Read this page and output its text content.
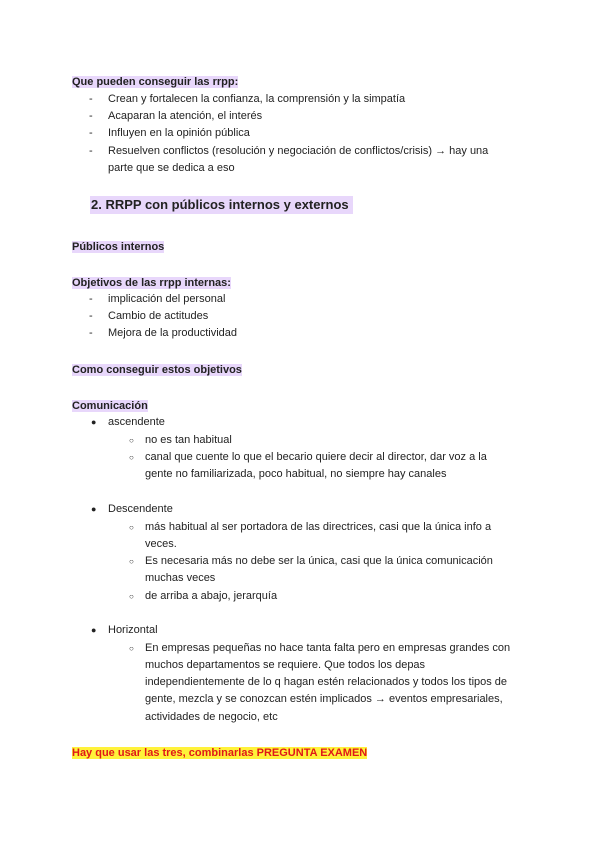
Que pueden conseguir las rrpp:
- Crean y fortalecen la confianza, la comprensión y la simpatía
- Acaparan la atención, el interés
- Influyen en la opinión pública
- Resuelven conflictos (resolución y negociación de conflictos/crisis) → hay una
parte que se dedica a eso
2. RRPP con públicos internos y externos
Públicos internos
Objetivos de las rrpp internas:
- implicación del personal
- Cambio de actitudes
- Mejora de la productividad
Como conseguir estos objetivos
Comunicación
● ascendente
○ no es tan habitual
○ canal que cuente lo que el becario quiere decir al director, dar voz a la
gente no familiarizada, poco habitual, no siempre hay canales
● Descendente
○ más habitual al ser portadora de las directrices, casi que la única info a
veces.
○ Es necesaria más no debe ser la única, casi que la única comunicación
muchas veces
○ de arriba a abajo, jerarquía
● Horizontal
○ En empresas pequeñas no hace tanta falta pero en empresas grandes con
muchos departamentos se requiere. Que todos los depas
independientemente de lo q hagan estén relacionados y todos los tipos de
gente, mezcla y se conozcan estén implicados → eventos empresariales,
actividades de negocio, etc
Hay que usar las tres, combinarlas PREGUNTA EXAMEN
